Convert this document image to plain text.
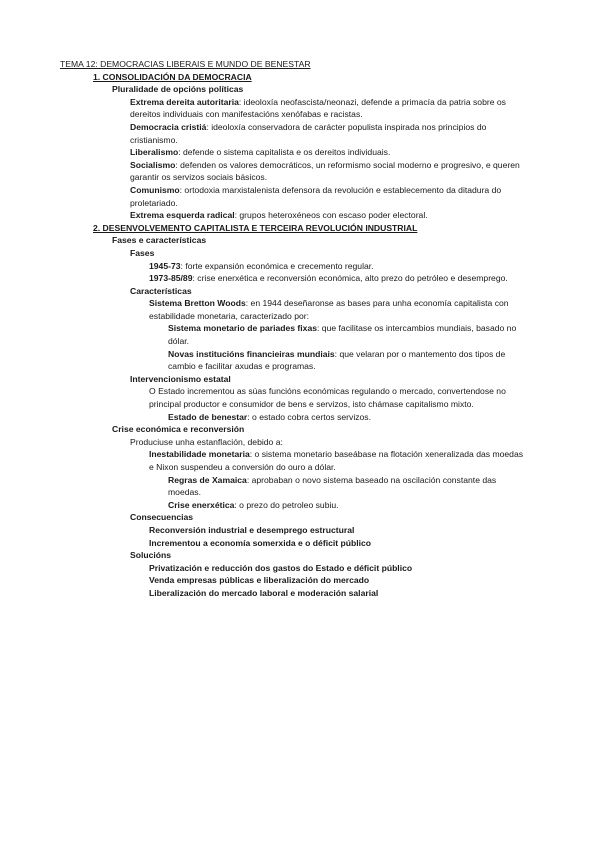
TEMA 12: DEMOCRACIAS LIBERAIS E MUNDO DE BENESTAR
1. CONSOLIDACIÓN DA DEMOCRACIA
Pluralidade de opcións políticas
Extrema dereita autoritaria: ideoloxía neofascista/neonazi, defende a primacía da patria sobre os dereitos individuais con manifestacións xenófabas e racistas.
Democracia cristiá: ideoloxía conservadora de carácter populista inspirada nos principios do cristianismo.
Liberalismo: defende o sistema capitalista e os dereitos individuais.
Socialismo: defenden os valores democráticos, un reformismo social moderno e progresivo, e queren garantir os servizos sociais básicos.
Comunismo: ortodoxia marxistalenista defensora da revolución e establecemento da ditadura do proletariado.
Extrema esquerda radical: grupos heteroxéneos con escaso poder electoral.
2. DESENVOLVEMENTO CAPITALISTA E TERCEIRA REVOLUCIÓN INDUSTRIAL
Fases e características
Fases
1945-73: forte expansión económica e crecemento regular.
1973-85/89: crise enerxética e reconversión económica, alto prezo do petróleo e desemprego.
Características
Sistema Bretton Woods: en 1944 deseñaronse as bases para unha economía capitalista con estabilidade monetaria, caracterizado por:
Sistema monetario de pariades fixas: que facilitase os intercambios mundiais, basado no dólar.
Novas institucións financieiras mundiais: que velaran por o mantemento dos tipos de cambio e facilitar axudas e programas.
Intervencionismo estatal
O Estado incrementou as súas funcións económicas regulando o mercado, convertendose no principal productor e consumidor de bens e servizos, isto chámase capitalismo mixto.
Estado de benestar: o estado cobra certos servizos.
Crise económica e reconversión
Produciuse unha estanflación, debido a:
Inestabilidade monetaria: o sistema monetario baseábase na flotación xeneralizada das moedas e Nixon suspendeu a conversión do ouro a dólar.
Regras de Xamaica: aprobaban o novo sistema baseado na oscilación constante das moedas.
Crise enerxética: o prezo do petroleo subiu.
Consecuencias
Reconversión industrial e desemprego estructural
Incrementou a economía somerxida e o déficit público
Solucións
Privatización e reducción dos gastos do Estado e déficit público
Venda empresas públicas e liberalización do mercado
Liberalización do mercado laboral e moderación salarial
